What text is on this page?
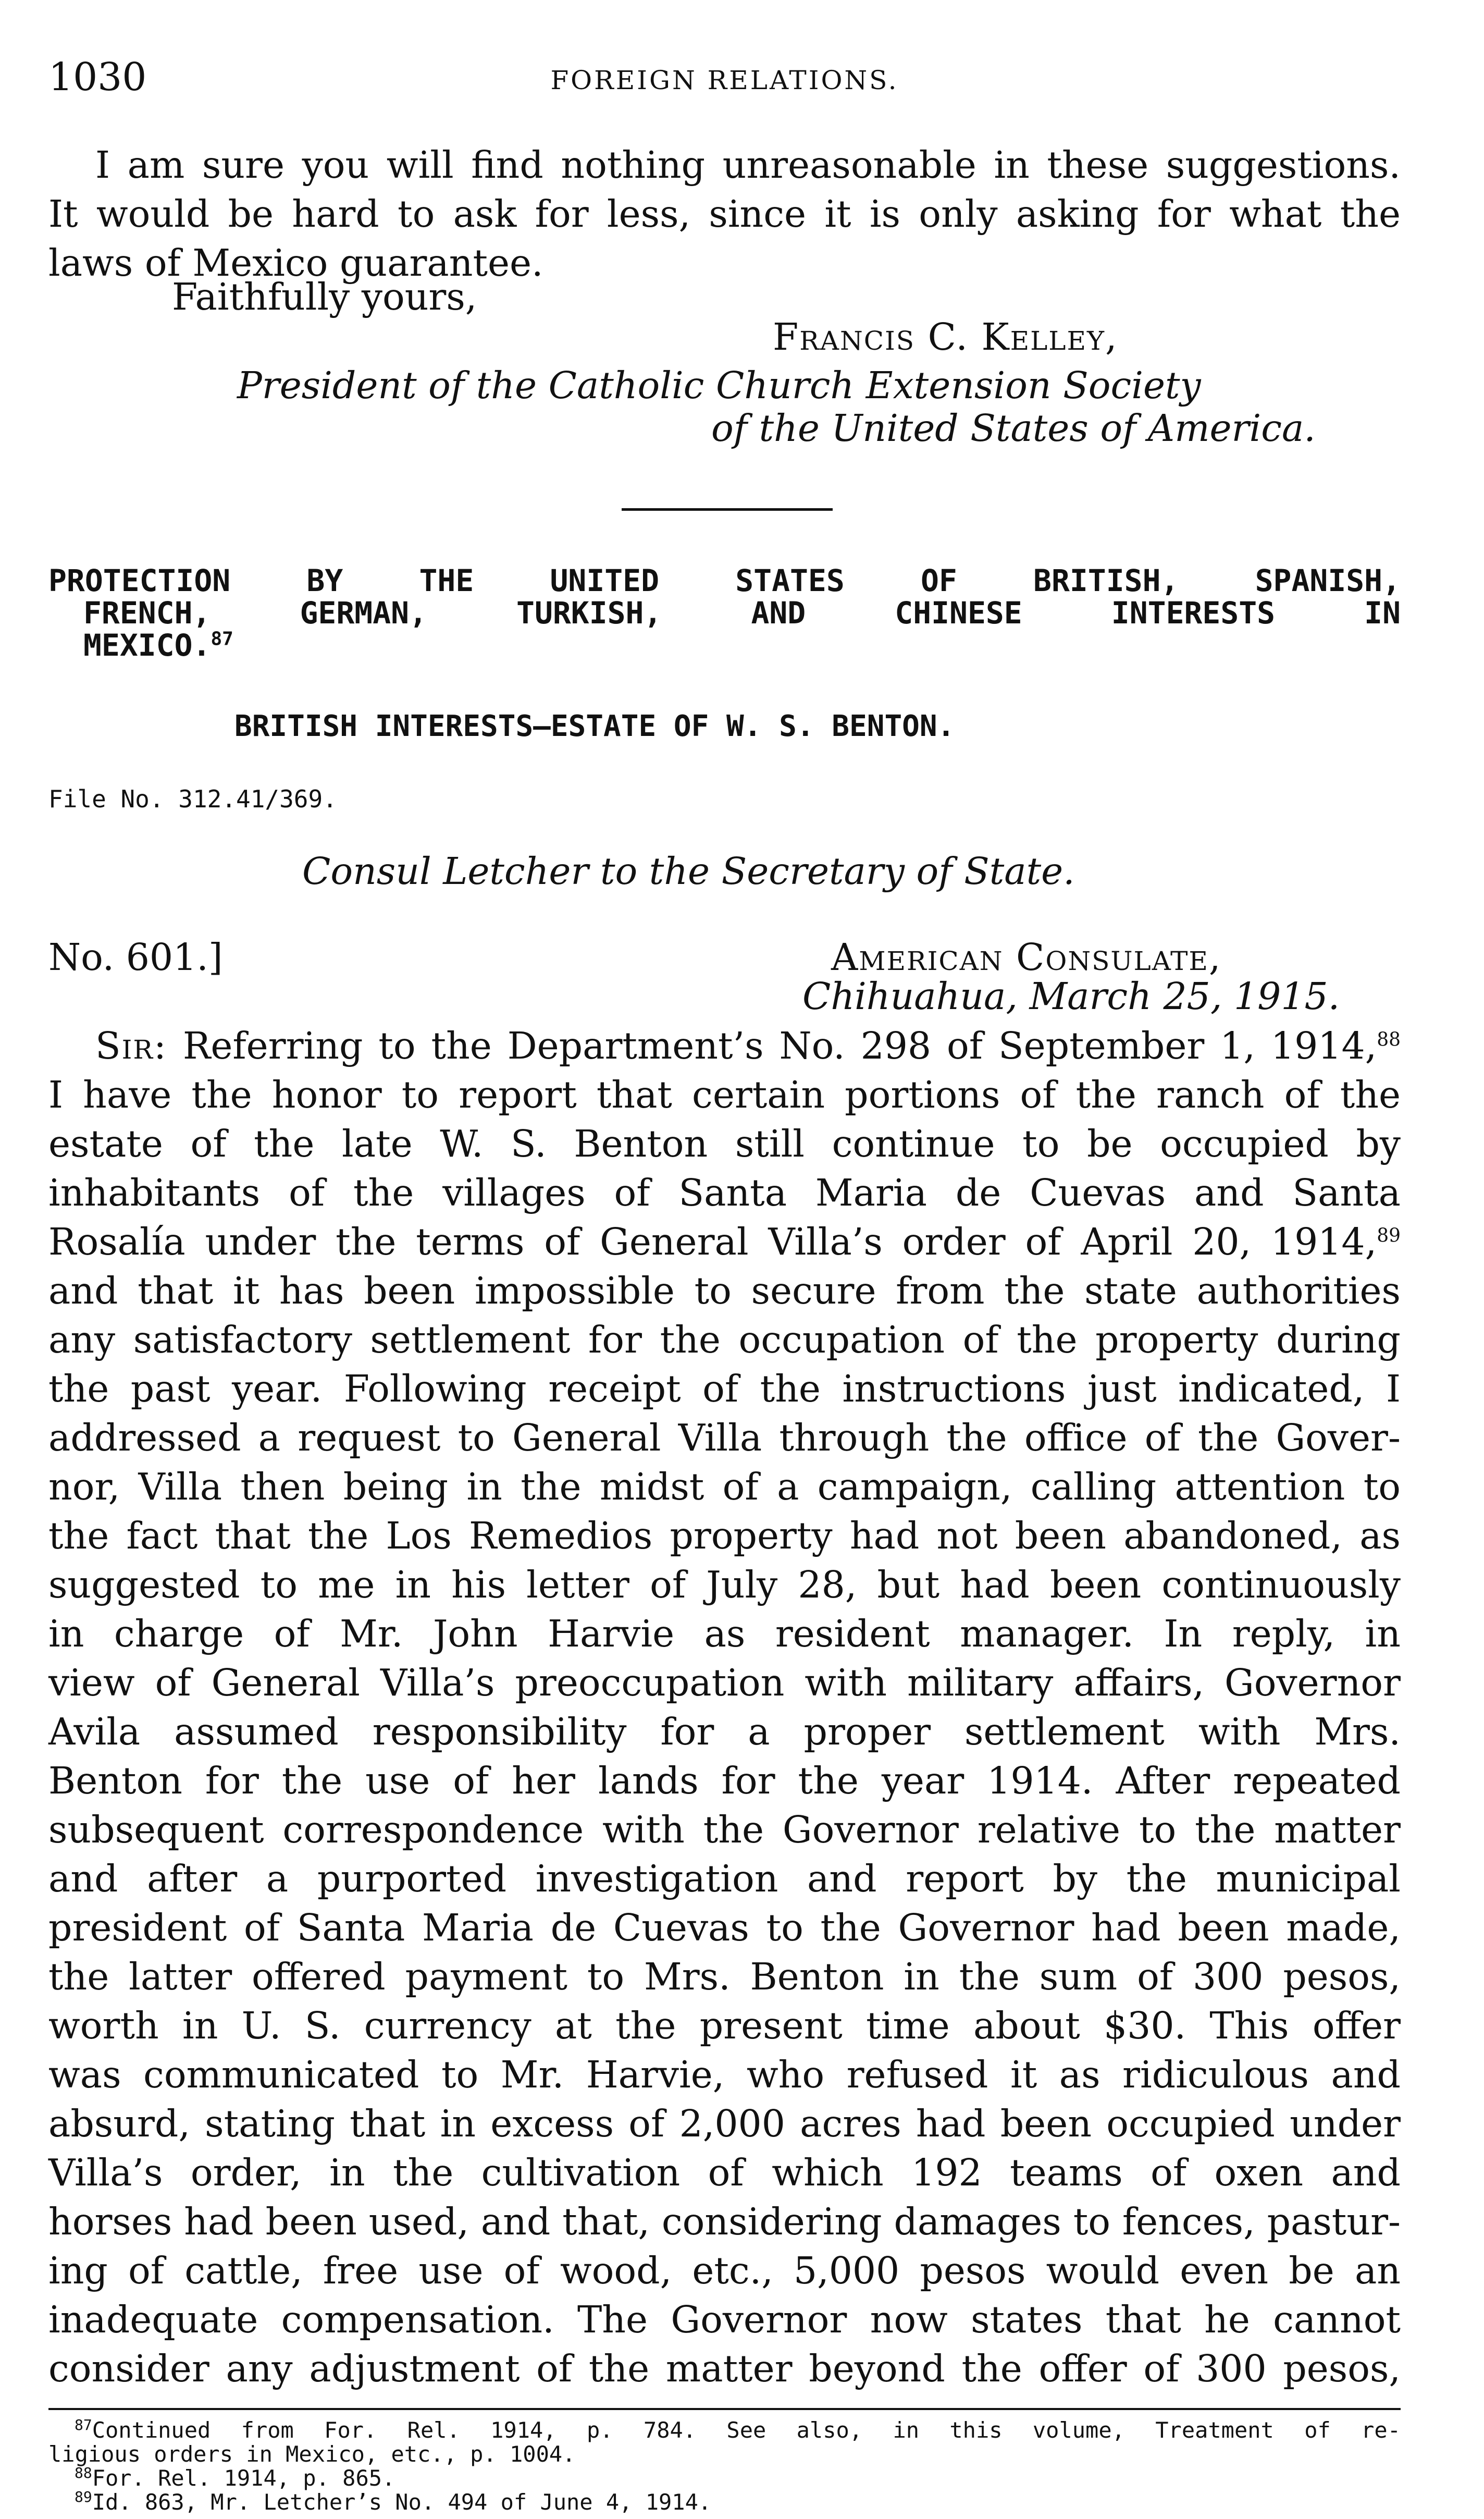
1030	FOREIGN RELATIONS.
I am sure you will find nothing unreasonable in these suggestions.
It would be hard to ask for less, since it is only asking for what the
laws of Mexico guarantee.
Faithfully yours,
Francis C. Kelley,
President of the Catholic Church Extension Society
of the United States of America.
PROTECTION BY THE UNITED STATES OF BRITISH, SPANISH,
FRENCH, GERMAN, TURKISH, AND CHINESE INTERESTS IN
MEXICO.$^{87}$
BRITISH INTERESTS—ESTATE OF W. S. BENTON.
File No. 312.41/369.
Consul Letcher to the Secretary of State.
No. 601.]	American Consulate,
Chihuahua, March 25, 1915.
Sir: Referring to the Department’s No. 298 of September 1, 1914,88
I have the honor to report that certain portions of the ranch of the
estate of the late W. S. Benton still continue to be occupied by
inhabitants of the villages of Santa Maria de Cuevas and Santa
Rosalía under the terms of General Villa’s order of April 20, 1914,89
and that it has been impossible to secure from the state authorities
any satisfactory settlement for the occupation of the property during
the past year. Following receipt of the instructions just indicated, I
addressed a request to General Villa through the office of the Gover-
nor, Villa then being in the midst of a campaign, calling attention to
the fact that the Los Remedios property had not been abandoned, as
suggested to me in his letter of July 28, but had been continuously
in charge of Mr. John Harvie as resident manager. In reply, in
view of General Villa’s preoccupation with military affairs, Governor
Avila assumed responsibility for a proper settlement with Mrs.
Benton for the use of her lands for the year 1914. After repeated
subsequent correspondence with the Governor relative to the matter
and after a purported investigation and report by the municipal
president of Santa Maria de Cuevas to the Governor had been made,
the latter offered payment to Mrs. Benton in the sum of 300 pesos,
worth in U. S. currency at the present time about $30. This offer
was communicated to Mr. Harvie, who refused it as ridiculous and
absurd, stating that in excess of 2,000 acres had been occupied under
Villa’s order, in the cultivation of which 192 teams of oxen and
horses had been used, and that, considering damages to fences, pastur-
ing of cattle, free use of wood, etc., 5,000 pesos would even be an
inadequate compensation. The Governor now states that he cannot
consider any adjustment of the matter beyond the offer of 300 pesos,
$^{87}$Continued from For. Rel. 1914, p. 784. See also, in this volume, Treatment of re-
ligious orders in Mexico, etc., p. 1004.
$^{88}$For. Rel. 1914, p. 865.
$^{89}$Id. 863, Mr. Letcher’s No. 494 of June 4, 1914.
